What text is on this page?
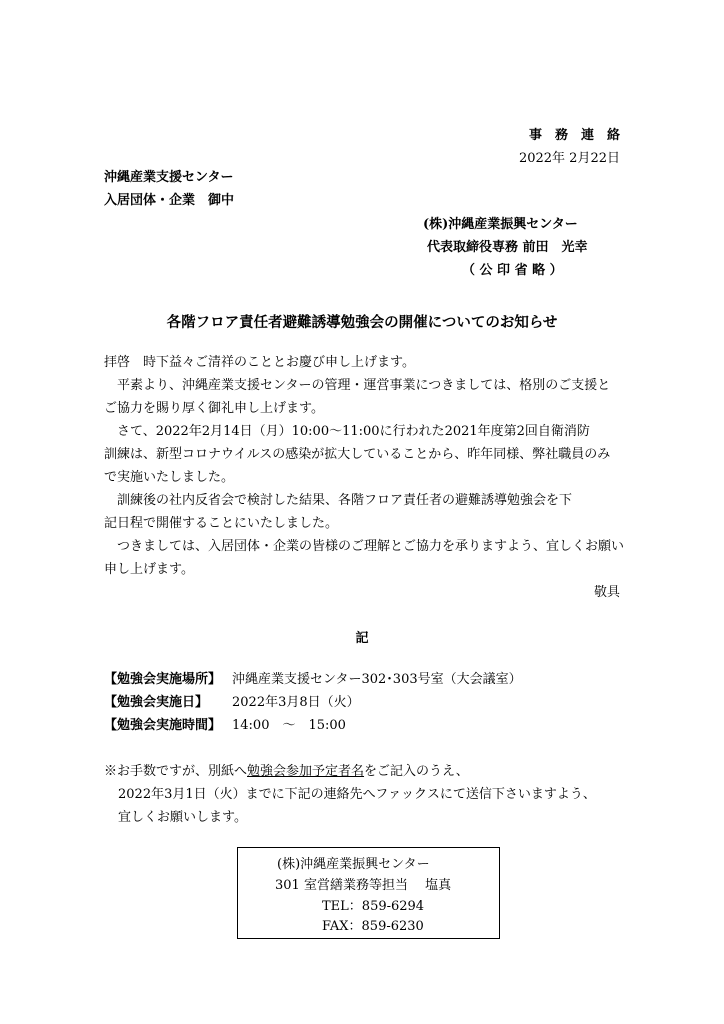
事　務　連　絡
2022年 2月22日
沖縄産業支援センター
入居団体・企業　御中
(株)沖縄産業振興センター
代表取締役専務 前田　光幸
（ 公 印 省 略 ）
各階フロア責任者避難誘導勉強会の開催についてのお知らせ
拝啓　時下益々ご清祥のこととお慶び申し上げます。
　平素より、沖縄産業支援センターの管理・運営事業につきましては、格別のご支援と
ご協力を賜り厚く御礼申し上げます。
　さて、2022年2月14日（月）10:00～11:00に行われた2021年度第2回自衛消防
訓練は、新型コロナウイルスの感染が拡大していることから、昨年同様、弊社職員のみ
で実施いたしました。
　訓練後の社内反省会で検討した結果、各階フロア責任者の避難誘導勉強会を下
記日程で開催することにいたしました。
　つきましては、入居団体・企業の皆様のご理解とご協力を承りますよう、宜しくお願い
申し上げます。
敬具
記
【勉強会実施場所】 沖縄産業支援センター302･303号室（大会議室）
【勉強会実施日】 2022年3月8日（火）
【勉強会実施時間】 14:00　～　15:00
※お手数ですが、別紙へ勉強会参加予定者名をご記入のうえ、
2022年3月1日（火）までに下記の連絡先へファックスにて送信下さいますよう、
宜しくお願いします。
(株)沖縄産業振興センター
301 室営繕業務等担当　 塩真
TEL：859-6294
FAX：859-6230
